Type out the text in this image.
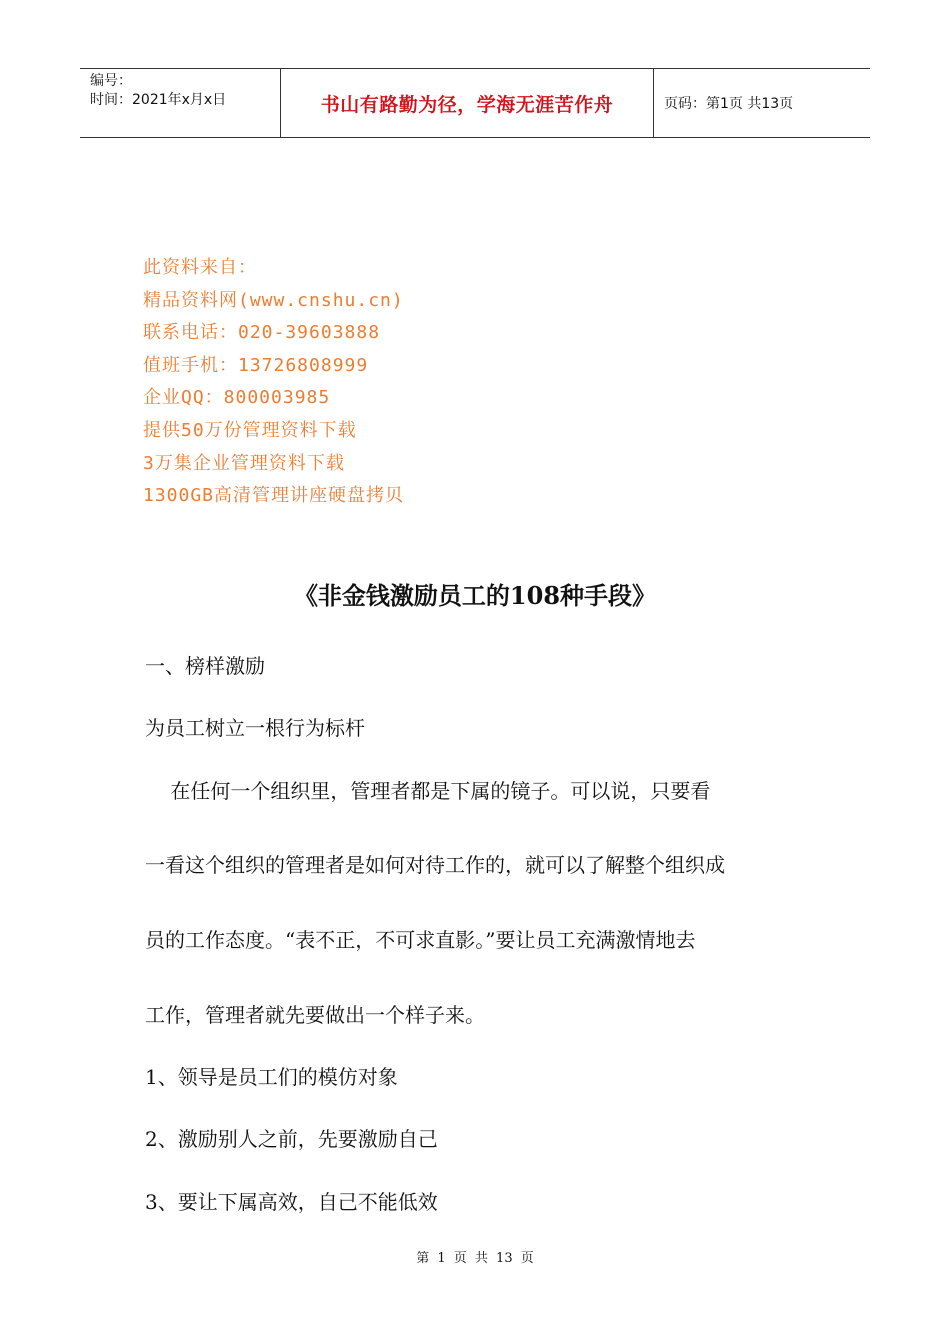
编号：
时间：2021年x月x日	书山有路勤为径，学海无涯苦作舟	页码：第1页 共13页
此资料来自：
精品资料网(www.cnshu.cn)
联系电话：020-39603888
值班手机：13726808999
企业QQ：800003985
提供50万份管理资料下载
3万集企业管理资料下载
1300GB高清管理讲座硬盘拷贝
《非金钱激励员工的108种手段》
一、榜样激励
为员工树立一根行为标杆
在任何一个组织里，管理者都是下属的镜子。可以说，只要看
一看这个组织的管理者是如何对待工作的，就可以了解整个组织成
员的工作态度。“表不正，不可求直影。”要让员工充满激情地去
工作，管理者就先要做出一个样子来。
1、领导是员工们的模仿对象
2、激励别人之前，先要激励自己
3、要让下属高效，自己不能低效
第 1 页 共 13 页
